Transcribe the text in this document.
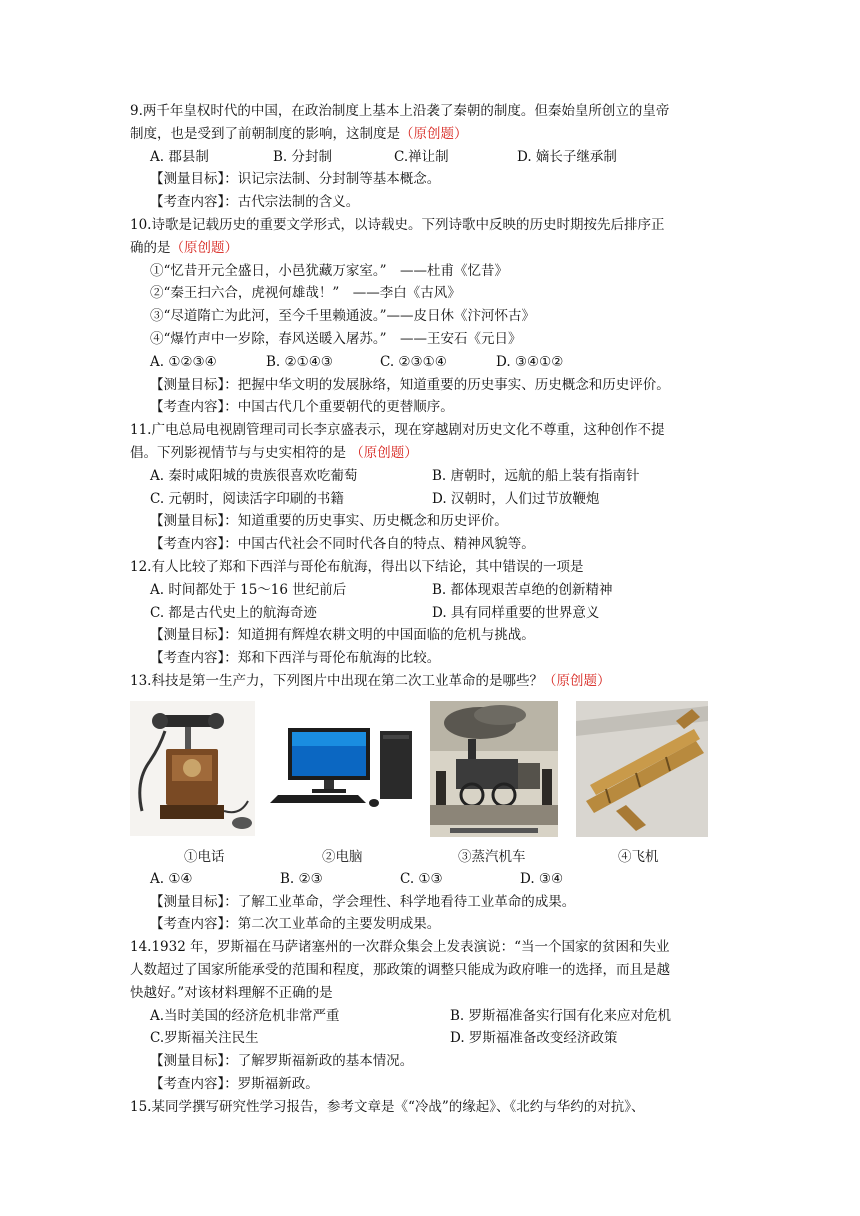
9.两千年皇权时代的中国，在政治制度上基本上沿袭了秦朝的制度。但秦始皇所创立的皇帝
制度，也是受到了前朝制度的影响，这制度是（原创题）
A. 郡县制	B. 分封制	C.禅让制	D. 嫡长子继承制
【测量目标】：识记宗法制、分封制等基本概念。
【考查内容】：古代宗法制的含义。
10.诗歌是记载历史的重要文学形式，以诗载史。下列诗歌中反映的历史时期按先后排序正
确的是（原创题）
①“忆昔开元全盛日，小邑犹藏万家室。”　——杜甫《忆昔》
②“秦王扫六合，虎视何雄哉！”　——李白《古风》
③“尽道隋亡为此河，至今千里赖通波。”——皮日休《汴河怀古》
④“爆竹声中一岁除，春风送暖入屠苏。”　——王安石《元日》
A. ①②③④	B. ②①④③	C. ②③①④	D. ③④①②
【测量目标】：把握中华文明的发展脉络，知道重要的历史事实、历史概念和历史评价。
【考查内容】：中国古代几个重要朝代的更替顺序。
11.广电总局电视剧管理司司长李京盛表示，现在穿越剧对历史文化不尊重，这种创作不提
倡。下列影视情节与与史实相符的是 （原创题）
A. 秦时咸阳城的贵族很喜欢吃葡萄	B. 唐朝时，远航的船上装有指南针
C. 元朝时，阅读活字印刷的书籍	D. 汉朝时，人们过节放鞭炮
【测量目标】：知道重要的历史事实、历史概念和历史评价。
【考查内容】：中国古代社会不同时代各自的特点、精神风貌等。
12.有人比较了郑和下西洋与哥伦布航海，得出以下结论，其中错误的一项是
A. 时间都处于 15～16 世纪前后	B. 都体现艰苦卓绝的创新精神
C. 都是古代史上的航海奇迹	D. 具有同样重要的世界意义
【测量目标】：知道拥有辉煌农耕文明的中国面临的危机与挑战。
【考查内容】：郑和下西洋与哥伦布航海的比较。
13.科技是第一生产力，下列图片中出现在第二次工业革命的是哪些？（原创题）
①电话	②电脑	③蒸汽机车	④飞机
A. ①④	B. ②③	C. ①③	D. ③④
【测量目标】：了解工业革命，学会理性、科学地看待工业革命的成果。
【考查内容】：第二次工业革命的主要发明成果。
14.1932 年，罗斯福在马萨诸塞州的一次群众集会上发表演说：“当一个国家的贫困和失业
人数超过了国家所能承受的范围和程度，那政策的调整只能成为政府唯一的选择，而且是越
快越好。”对该材料理解不正确的是
A.当时美国的经济危机非常严重	B. 罗斯福准备实行国有化来应对危机
C.罗斯福关注民生	D. 罗斯福准备改变经济政策
【测量目标】：了解罗斯福新政的基本情况。
【考查内容】：罗斯福新政。
15.某同学撰写研究性学习报告，参考文章是《“冷战”的缘起》、《北约与华约的对抗》、
